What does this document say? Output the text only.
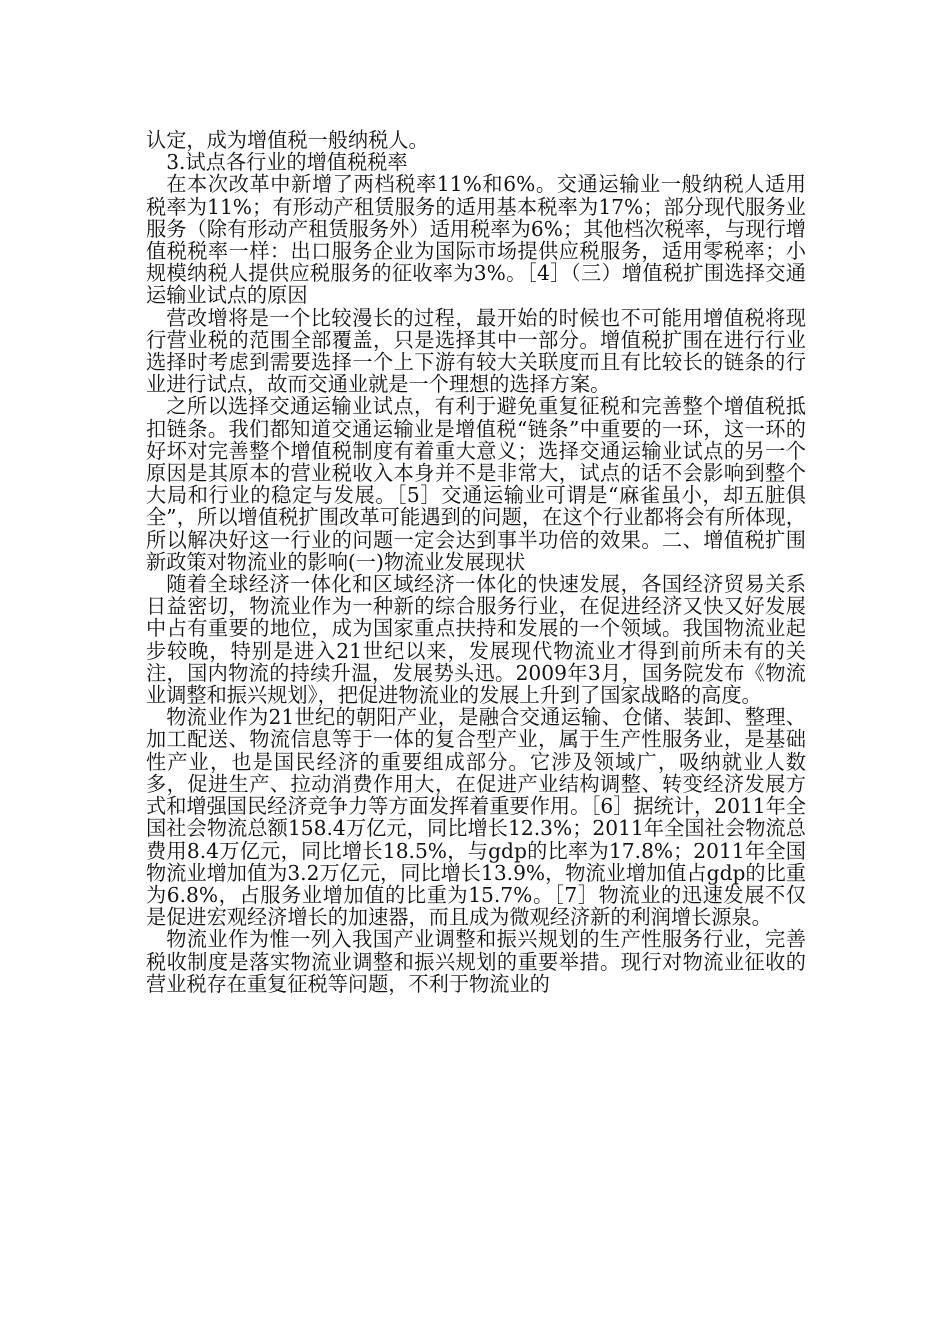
认定，成为增值税一般纳税人。

3.试点各行业的增值税税率

在本次改革中新增了两档税率11%和6%。交通运输业一般纳税人适用税率为11%；有形动产租赁服务的适用基本税率为17%；部分现代服务业服务（除有形动产租赁服务外）适用税率为6%；其他档次税率，与现行增值税税率一样：出口服务企业为国际市场提供应税服务，适用零税率；小规模纳税人提供应税服务的征收率为3%。［4］（三）增值税扩围选择交通运输业试点的原因

营改增将是一个比较漫长的过程，最开始的时候也不可能用增值税将现行营业税的范围全部覆盖，只是选择其中一部分。增值税扩围在进行行业选择时考虑到需要选择一个上下游有较大关联度而且有比较长的链条的行业进行试点，故而交通业就是一个理想的选择方案。

之所以选择交通运输业试点，有利于避免重复征税和完善整个增值税抵扣链条。我们都知道交通运输业是增值税“链条”中重要的一环，这一环的好坏对完善整个增值税制度有着重大意义；选择交通运输业试点的另一个原因是其原本的营业税收入本身并不是非常大，试点的话不会影响到整个大局和行业的稳定与发展。［5］交通运输业可谓是“麻雀虽小，却五脏俱全”，所以增值税扩围改革可能遇到的问题，在这个行业都将会有所体现，所以解决好这一行业的问题一定会达到事半功倍的效果。二、增值税扩围新政策对物流业的影响(一)物流业发展现状

随着全球经济一体化和区域经济一体化的快速发展，各国经济贸易关系日益密切，物流业作为一种新的综合服务行业，在促进经济又快又好发展中占有重要的地位，成为国家重点扶持和发展的一个领域。我国物流业起步较晚，特别是进入21世纪以来，发展现代物流业才得到前所未有的关注，国内物流的持续升温，发展势头迅。2009年3月，国务院发布《物流业调整和振兴规划》，把促进物流业的发展上升到了国家战略的高度。

物流业作为21世纪的朝阳产业，是融合交通运输、仓储、装卸、整理、加工配送、物流信息等于一体的复合型产业，属于生产性服务业，是基础性产业，也是国民经济的重要组成部分。它涉及领域广，吸纳就业人数多，促进生产、拉动消费作用大，在促进产业结构调整、转变经济发展方式和增强国民经济竞争力等方面发挥着重要作用。［6］据统计，2011年全国社会物流总额158.4万亿元，同比增长12.3%；2011年全国社会物流总费用8.4万亿元，同比增长18.5%，与gdp的比率为17.8%；2011年全国物流业增加值为3.2万亿元，同比增长13.9%，物流业增加值占gdp的比重为6.8%，占服务业增加值的比重为15.7%。［7］物流业的迅速发展不仅是促进宏观经济增长的加速器，而且成为微观经济新的利润增长源泉。

物流业作为惟一列入我国产业调整和振兴规划的生产性服务行业，完善税收制度是落实物流业调整和振兴规划的重要举措。现行对物流业征收的营业税存在重复征税等问题，不利于物流业的
